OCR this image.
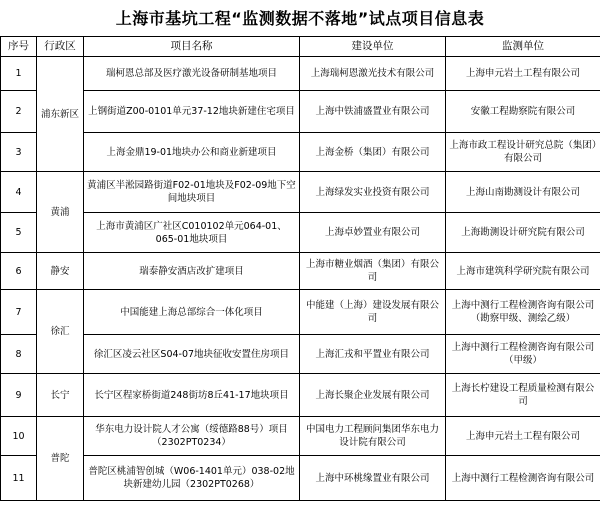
上海市基坑工程“监测数据不落地”试点项目信息表
序号	行政区	项目名称	建设单位	监测单位
1	浦东新区	瑞柯恩总部及医疗激光设备研制基地项目	上海瑞柯恩激光技术有限公司	上海申元岩土工程有限公司
2		上钢街道Z00-0101单元37-12地块新建住宅项目	上海中铁浦盛置业有限公司	安徽工程勘察院有限公司
3		上海金鼎19-01地块办公和商业新建项目	上海金桥（集团）有限公司	上海市政工程设计研究总院（集团）有限公司
4	黄浦	黄浦区半淞园路街道F02-01地块及F02-09地下空间地块项目	上海绿发实业投资有限公司	上海山南勘测设计有限公司
5		上海市黄浦区广社区C010102单元064-01、065-01地块项目	上海卓妙置业有限公司	上海勘测设计研究院有限公司
6	静安	瑞泰静安酒店改扩建项目	上海市糖业烟酒（集团）有限公司	上海市建筑科学研究院有限公司
7	徐汇	中国能建上海总部综合一体化项目	中能建（上海）建设发展有限公司	上海中测行工程检测咨询有限公司（勘察甲级、测绘乙级）
8		徐汇区凌云社区S04-07地块征收安置住房项目	上海汇戎和平置业有限公司	上海中测行工程检测咨询有限公司（甲级）
9	长宁	长宁区程家桥街道248街坊8丘41-17地块项目	上海长聚企业发展有限公司	上海长柠建设工程质量检测有限公司
10	普陀	华东电力设计院人才公寓（绥德路88号）项目（2302PT0234）	中国电力工程顾问集团华东电力设计院有限公司	上海申元岩土工程有限公司
11		普陀区桃浦智创城（W06-1401单元）038-02地块新建幼儿园（2302PT0268）	上海中环桃缘置业有限公司	上海中测行工程检测咨询有限公司
